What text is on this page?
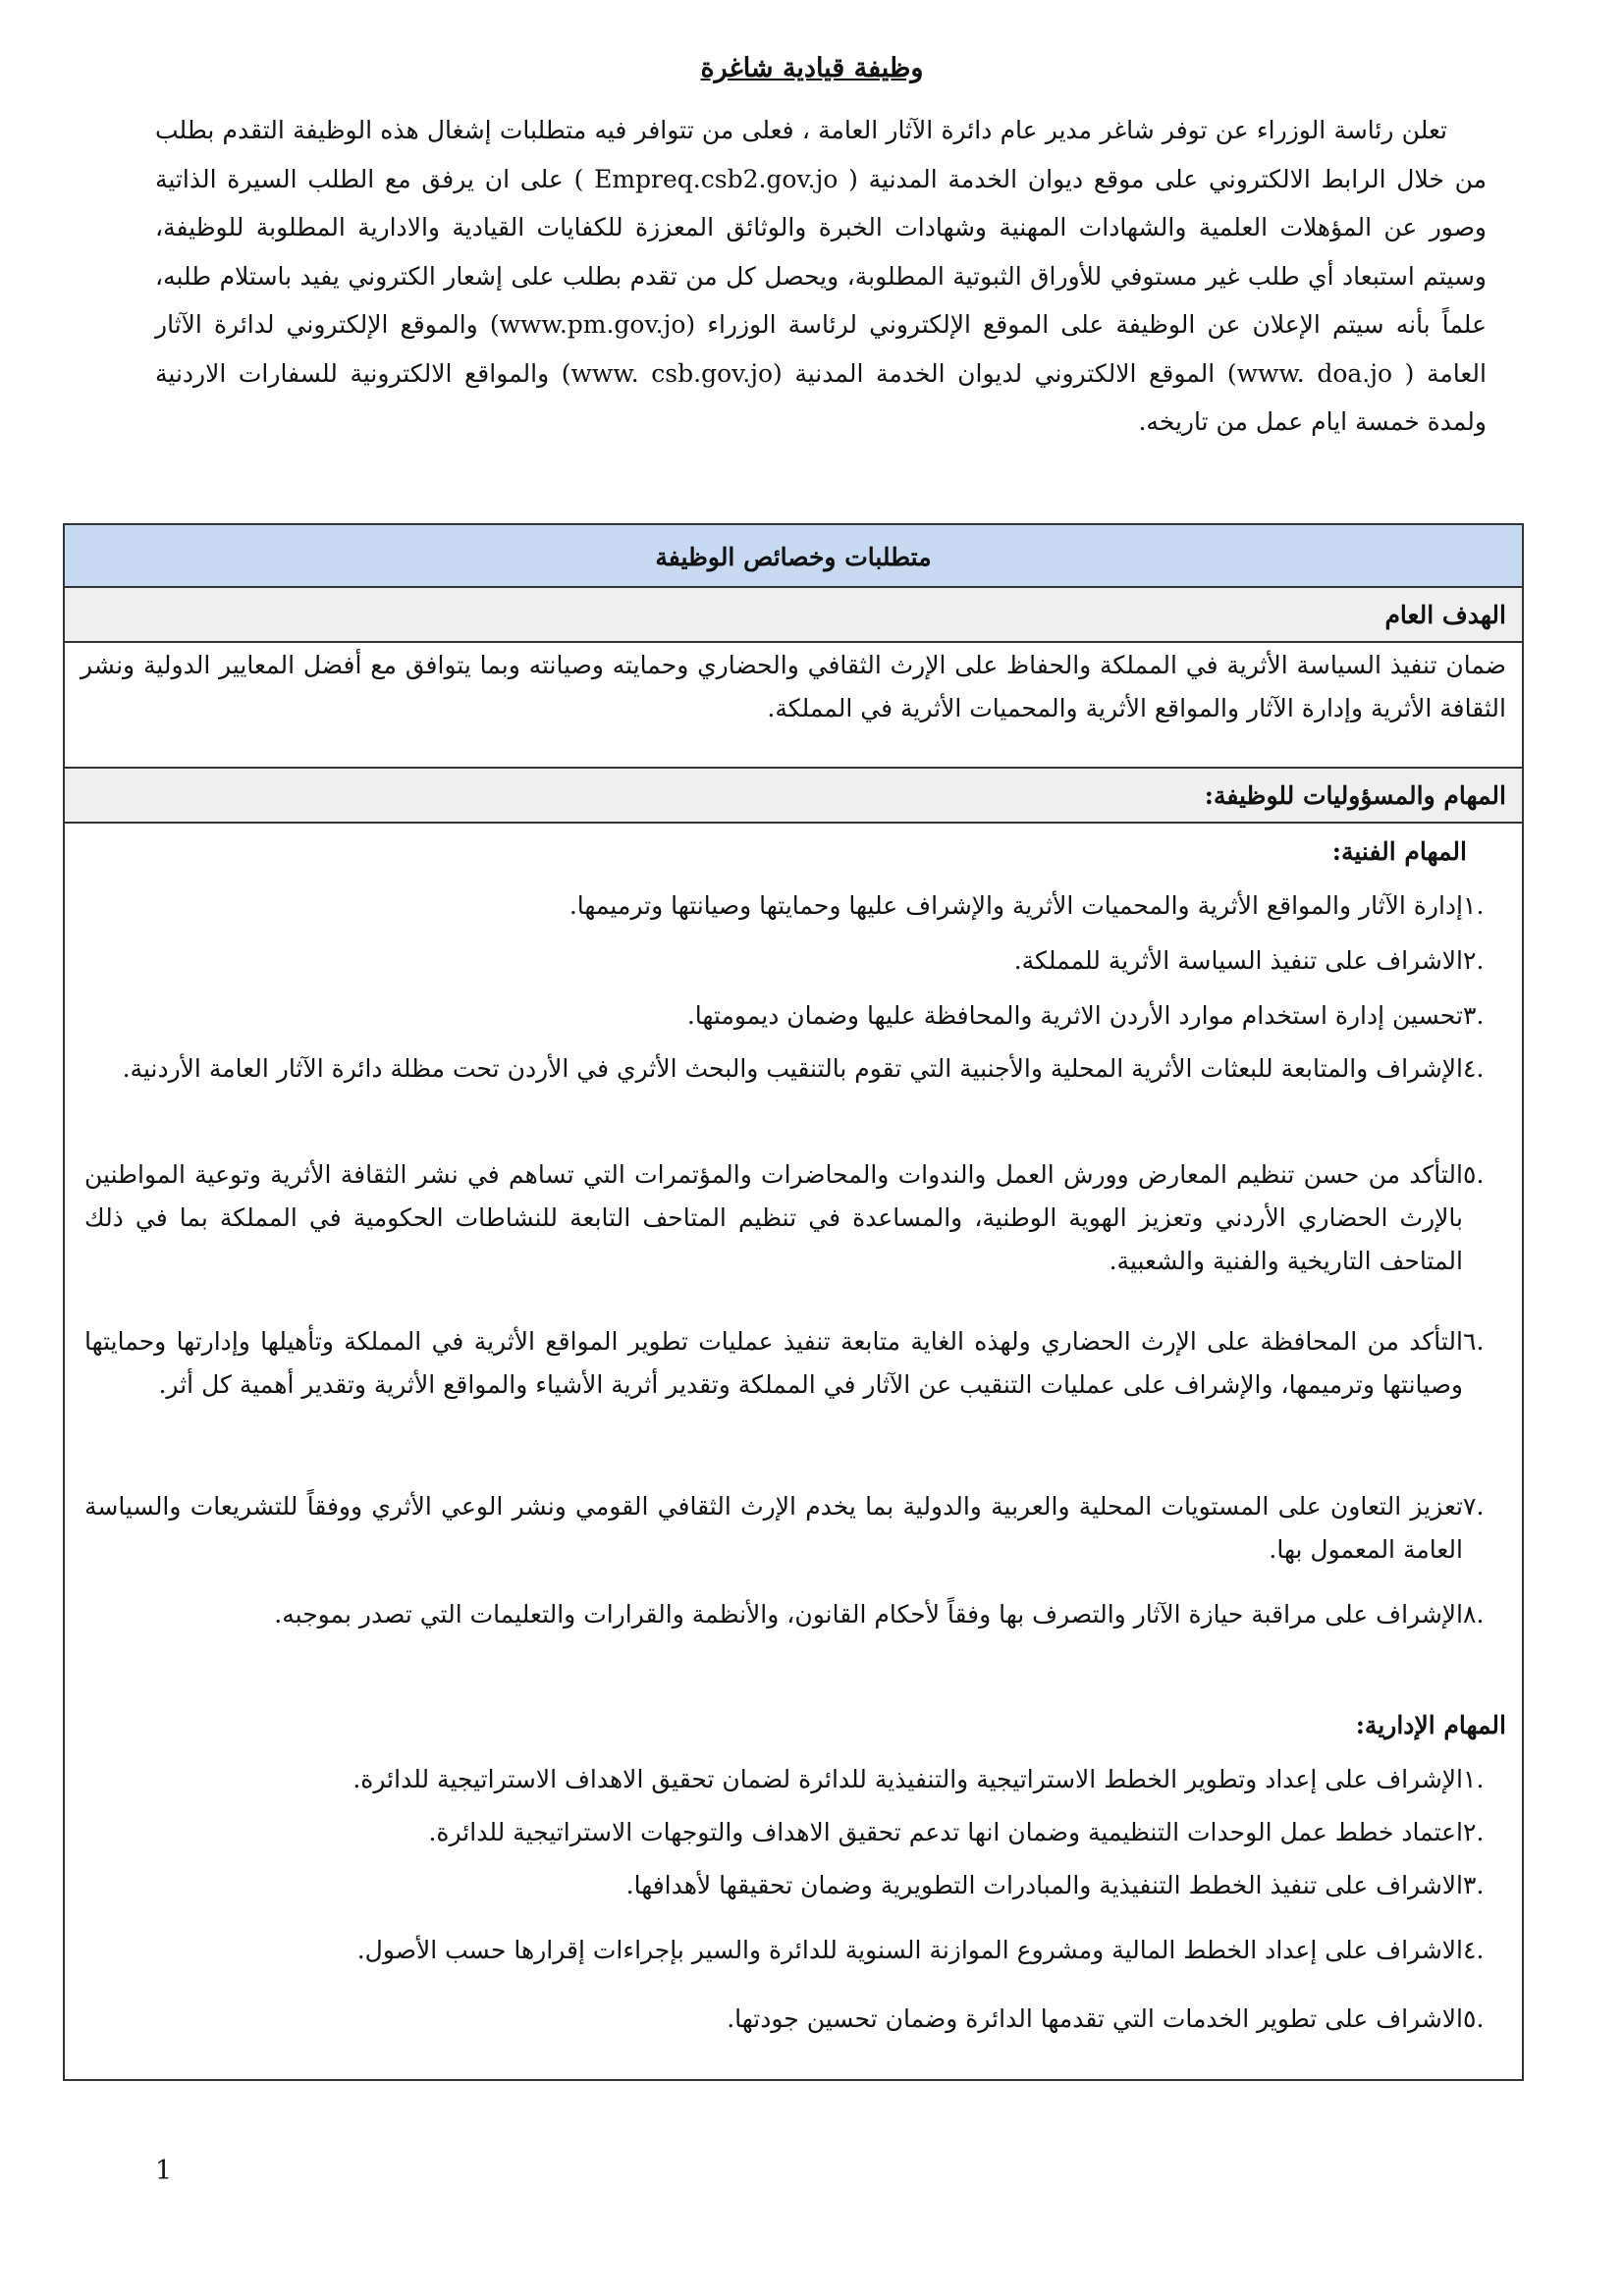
وظيفة قيادية شاغرة

تعلن رئاسة الوزراء عن توفر شاغر مدير عام دائرة الآثار العامة ، فعلى من تتوافر فيه متطلبات إشغال هذه الوظيفة التقدم بطلب من خلال الرابط الالكتروني على موقع ديوان الخدمة المدنية ( Empreq.csb2.gov.jo ) على ان يرفق مع الطلب السيرة الذاتية وصور عن المؤهلات العلمية والشهادات المهنية وشهادات الخبرة والوثائق المعززة للكفايات القيادية والادارية المطلوبة للوظيفة، وسيتم استبعاد أي طلب غير مستوفي للأوراق الثبوتية المطلوبة، ويحصل كل من تقدم بطلب على إشعار الكتروني يفيد باستلام طلبه، علماً بأنه سيتم الإعلان عن الوظيفة على الموقع الإلكتروني لرئاسة الوزراء (www.pm.gov.jo) والموقع الإلكتروني لدائرة الآثار العامة ( www. doa.jo) الموقع الالكتروني لديوان الخدمة المدنية (www. csb.gov.jo) والمواقع الالكترونية للسفارات الاردنية ولمدة خمسة ايام عمل من تاريخه.

متطلبات وخصائص الوظيفة
الهدف العام
ضمان تنفيذ السياسة الأثرية في المملكة والحفاظ على الإرث الثقافي والحضاري وحمايته وصيانته وبما يتوافق مع أفضل المعايير الدولية ونشر الثقافة الأثرية وإدارة الآثار والمواقع الأثرية والمحميات الأثرية في المملكة.
المهام والمسؤوليات للوظيفة:
المهام الفنية:
.١
إدارة الآثار والمواقع الأثرية والمحميات الأثرية والإشراف عليها وحمايتها وصيانتها وترميمها.
.٢
الاشراف على تنفيذ السياسة الأثرية للمملكة.
.٣
تحسين إدارة استخدام موارد الأردن الاثرية والمحافظة عليها وضمان ديمومتها.
.٤
الإشراف والمتابعة للبعثات الأثرية المحلية والأجنبية التي تقوم بالتنقيب والبحث الأثري في الأردن تحت مظلة دائرة الآثار العامة الأردنية.
.٥
التأكد من حسن تنظيم المعارض وورش العمل والندوات والمحاضرات والمؤتمرات التي تساهم في نشر الثقافة الأثرية وتوعية المواطنين بالإرث الحضاري الأردني وتعزيز الهوية الوطنية، والمساعدة في تنظيم المتاحف التابعة للنشاطات الحكومية في المملكة بما في ذلك المتاحف التاريخية والفنية والشعبية.
.٦
التأكد من المحافظة على الإرث الحضاري ولهذه الغاية متابعة تنفيذ عمليات تطوير المواقع الأثرية في المملكة وتأهيلها وإدارتها وحمايتها وصيانتها وترميمها، والإشراف على عمليات التنقيب عن الآثار في المملكة وتقدير أثرية الأشياء والمواقع الأثرية وتقدير أهمية كل أثر.
.٧
تعزيز التعاون على المستويات المحلية والعربية والدولية بما يخدم الإرث الثقافي القومي ونشر الوعي الأثري ووفقاً للتشريعات والسياسة العامة المعمول بها.
.٨
الإشراف على مراقبة حيازة الآثار والتصرف بها وفقاً لأحكام القانون، والأنظمة والقرارات والتعليمات التي تصدر بموجبه.
المهام الإدارية:
.١
الإشراف على إعداد وتطوير الخطط الاستراتيجية والتنفيذية للدائرة لضمان تحقيق الاهداف الاستراتيجية للدائرة.
.٢
اعتماد خطط عمل الوحدات التنظيمية وضمان انها تدعم تحقيق الاهداف والتوجهات الاستراتيجية للدائرة.
.٣
الاشراف على تنفيذ الخطط التنفيذية والمبادرات التطويرية وضمان تحقيقها لأهدافها.
.٤
الاشراف على إعداد الخطط المالية ومشروع الموازنة السنوية للدائرة والسير بإجراءات إقرارها حسب الأصول.
.٥
الاشراف على تطوير الخدمات التي تقدمها الدائرة وضمان تحسين جودتها.
1
